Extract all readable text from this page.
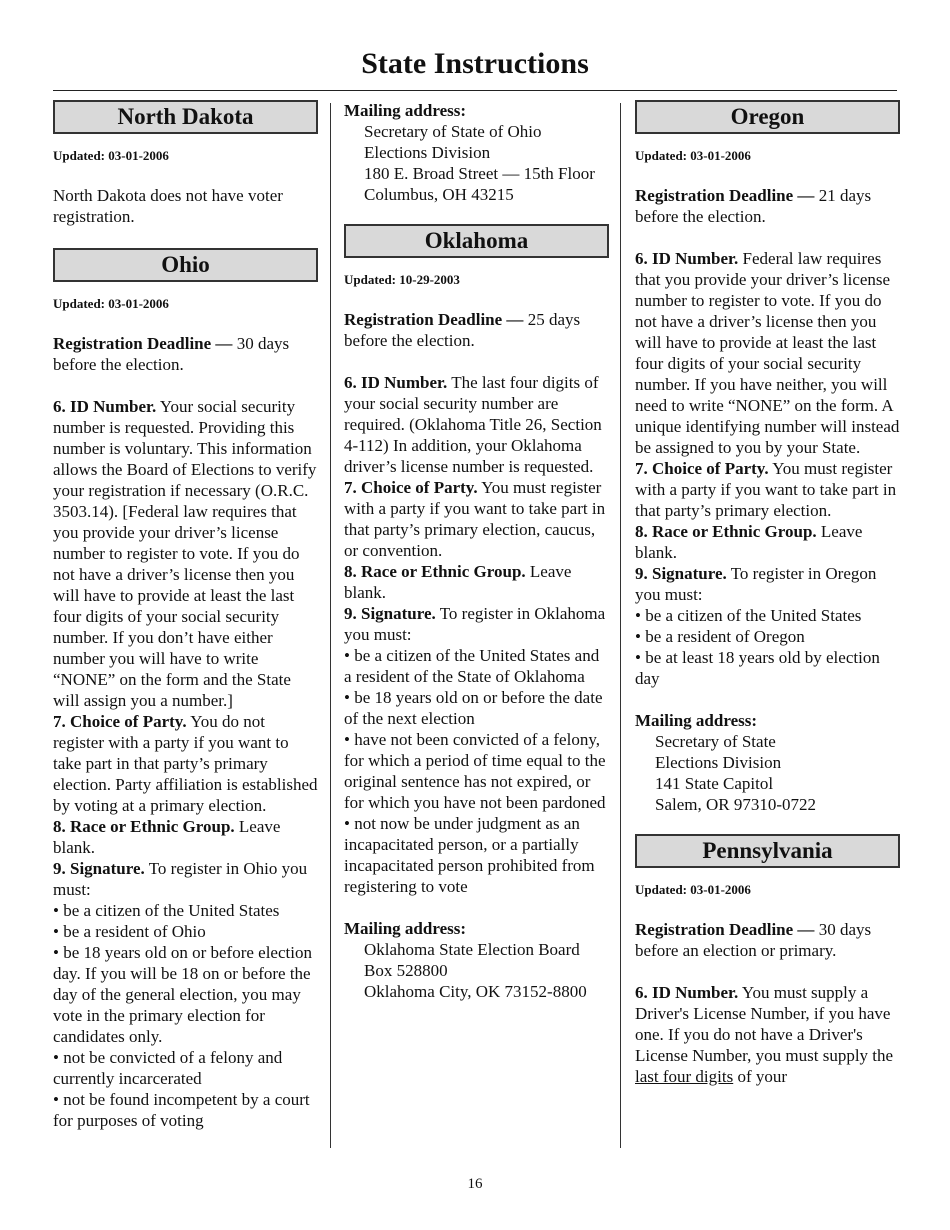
State Instructions
North Dakota

Updated: 03-01-2006

North Dakota does not have voter registration.

Ohio

Updated: 03-01-2006

Registration Deadline — 30 days before the election.

6. ID Number. Your social security number is requested. Providing this number is voluntary. This information allows the Board of Elections to verify your registration if necessary (O.R.C. 3503.14). [Federal law requires that you provide your driver’s license number to register to vote. If you do not have a driver’s license then you will have to provide at least the last four digits of your social security number. If you don’t have either number you will have to write “NONE” on the form and the State will assign you a number.]

7. Choice of Party. You do not register with a party if you want to take part in that party’s primary election. Party affiliation is established by voting at a primary election.

8. Race or Ethnic Group. Leave blank.

9. Signature. To register in Ohio you must:

• be a citizen of the United States

• be a resident of Ohio

• be 18 years old on or before election day. If you will be 18 on or before the day of the general election, you may vote in the primary election for candidates only.

• not be convicted of a felony and currently incarcerated

• not be found incompetent by a court for purposes of voting

Mailing address:

Secretary of State of Ohio

Elections Division

180 E. Broad Street — 15th Floor

Columbus, OH 43215

Oklahoma

Updated: 10-29-2003

Registration Deadline — 25 days before the election.

6. ID Number. The last four digits of your social security number are required. (Oklahoma Title 26, Section 4-112) In addition, your Oklahoma driver’s license number is requested.

7. Choice of Party. You must register with a party if you want to take part in that party’s primary election, caucus, or convention.

8. Race or Ethnic Group. Leave blank.

9. Signature. To register in Oklahoma you must:

• be a citizen of the United States and a resident of the State of Oklahoma

• be 18 years old on or before the date of the next election

• have not been convicted of a felony, for which a period of time equal to the original sentence has not expired, or for which you have not been pardoned

• not now be under judgment as an incapacitated person, or a partially incapacitated person prohibited from registering to vote

Mailing address:

Oklahoma State Election Board

Box 528800

Oklahoma City, OK 73152-8800

Oregon

Updated: 03-01-2006

Registration Deadline — 21 days before the election.

6. ID Number. Federal law requires that you provide your driver’s license number to register to vote. If you do not have a driver’s license then you will have to provide at least the last four digits of your social security number. If you have neither, you will need to write “NONE” on the form. A unique identifying number will instead be assigned to you by your State.

7. Choice of Party. You must register with a party if you want to take part in that party’s primary election.

8. Race or Ethnic Group. Leave blank.

9. Signature. To register in Oregon you must:

• be a citizen of the United States

• be a resident of Oregon

• be at least 18 years old by election day

Mailing address:

Secretary of State

Elections Division

141 State Capitol

Salem, OR 97310-0722

Pennsylvania

Updated: 03-01-2006

Registration Deadline — 30 days before an election or primary.

6. ID Number. You must supply a Driver's License Number, if you have one. If you do not have a Driver's License Number, you must supply the last four digits of your

16
